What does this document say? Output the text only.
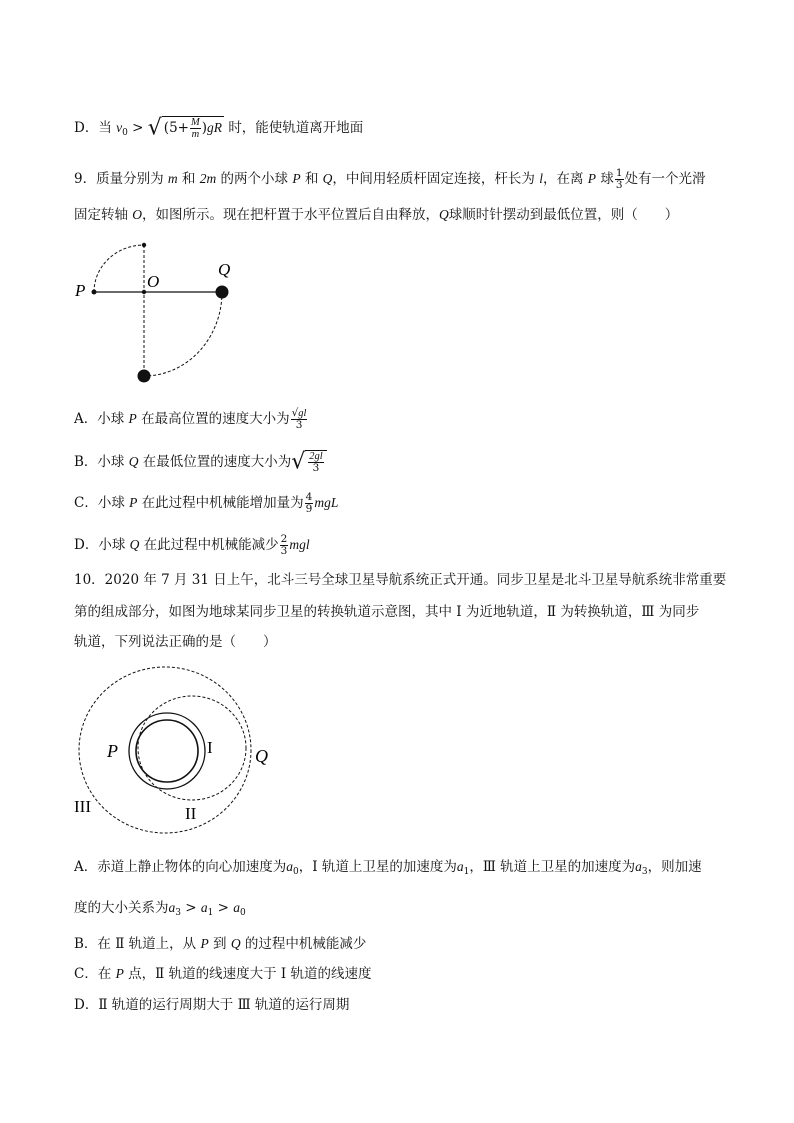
D．当 $v_0$ > √ $(5+ \frac{M}{m} )gR$ 时，能使轨道离开地面
9．质量分别为 m 和 2m 的两个小球 P 和 Q，中间用轻质杆固定连接，杆长为 l，在离 P 球 $\frac{1}{3}$ 处有一个光滑
固定转轴 O，如图所示。现在把杆置于水平位置后自由释放，Q球顺时针摆动到最低位置，则（　　）
P	O
Q
A．小球 P 在最高位置的速度大小为 $\frac{√gl}{3}$
B．小球 Q 在最低位置的速度大小为√ $\frac{2gl}{3}$
C．小球 P 在此过程中机械能增加量为 $\frac{4}{9}$ mgL
D．小球 Q 在此过程中机械能减少 $\frac{2}{3}$ mgl
10．2020 年 7 月 31 日上午，北斗三号全球卫星导航系统正式开通。同步卫星是北斗卫星导航系统非常重要
第的组成部分，如图为地球某同步卫星的转换轨道示意图，其中 Ⅰ 为近地轨道，Ⅱ 为转换轨道，Ⅲ 为同步
轨道，下列说法正确的是（　　）
P	Q
I
II
III
A．赤道上静止物体的向心加速度为$a_0$，Ⅰ 轨道上卫星的加速度为$a_1$，Ⅲ 轨道上卫星的加速度为$a_3$，则加速
度的大小关系为$a_3 > a_1 > a_0$
B．在 Ⅱ 轨道上，从 P 到 Q 的过程中机械能减少
C．在 P 点，Ⅱ 轨道的线速度大于 Ⅰ 轨道的线速度
D．Ⅱ 轨道的运行周期大于 Ⅲ 轨道的运行周期
